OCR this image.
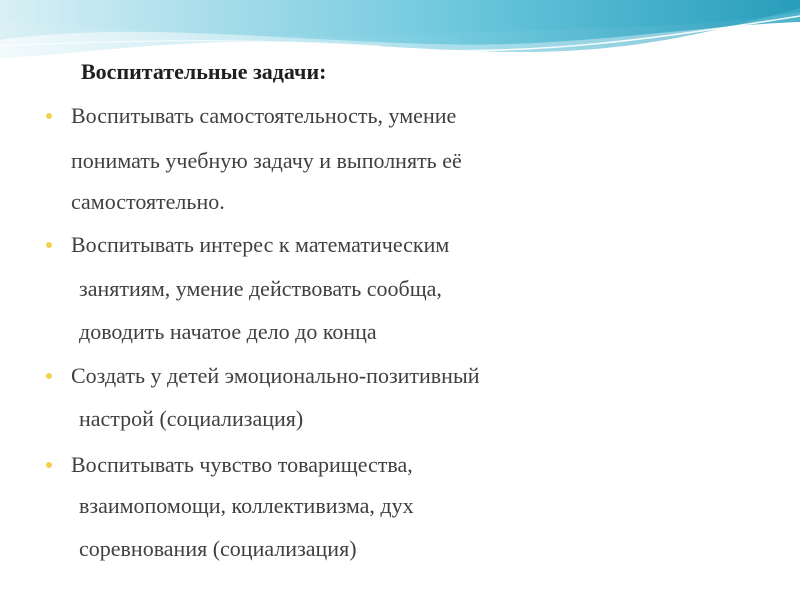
Воспитательные задачи:

Воспитывать самостоятельность, умение

понимать учебную задачу и выполнять её

самостоятельно.

Воспитывать интерес к математическим

занятиям, умение действовать сообща,

доводить начатое дело до конца

Создать у детей эмоционально-позитивный

настрой (социализация)

Воспитывать чувство товарищества,

взаимопомощи, коллективизма, дух

соревнования (социализация)
